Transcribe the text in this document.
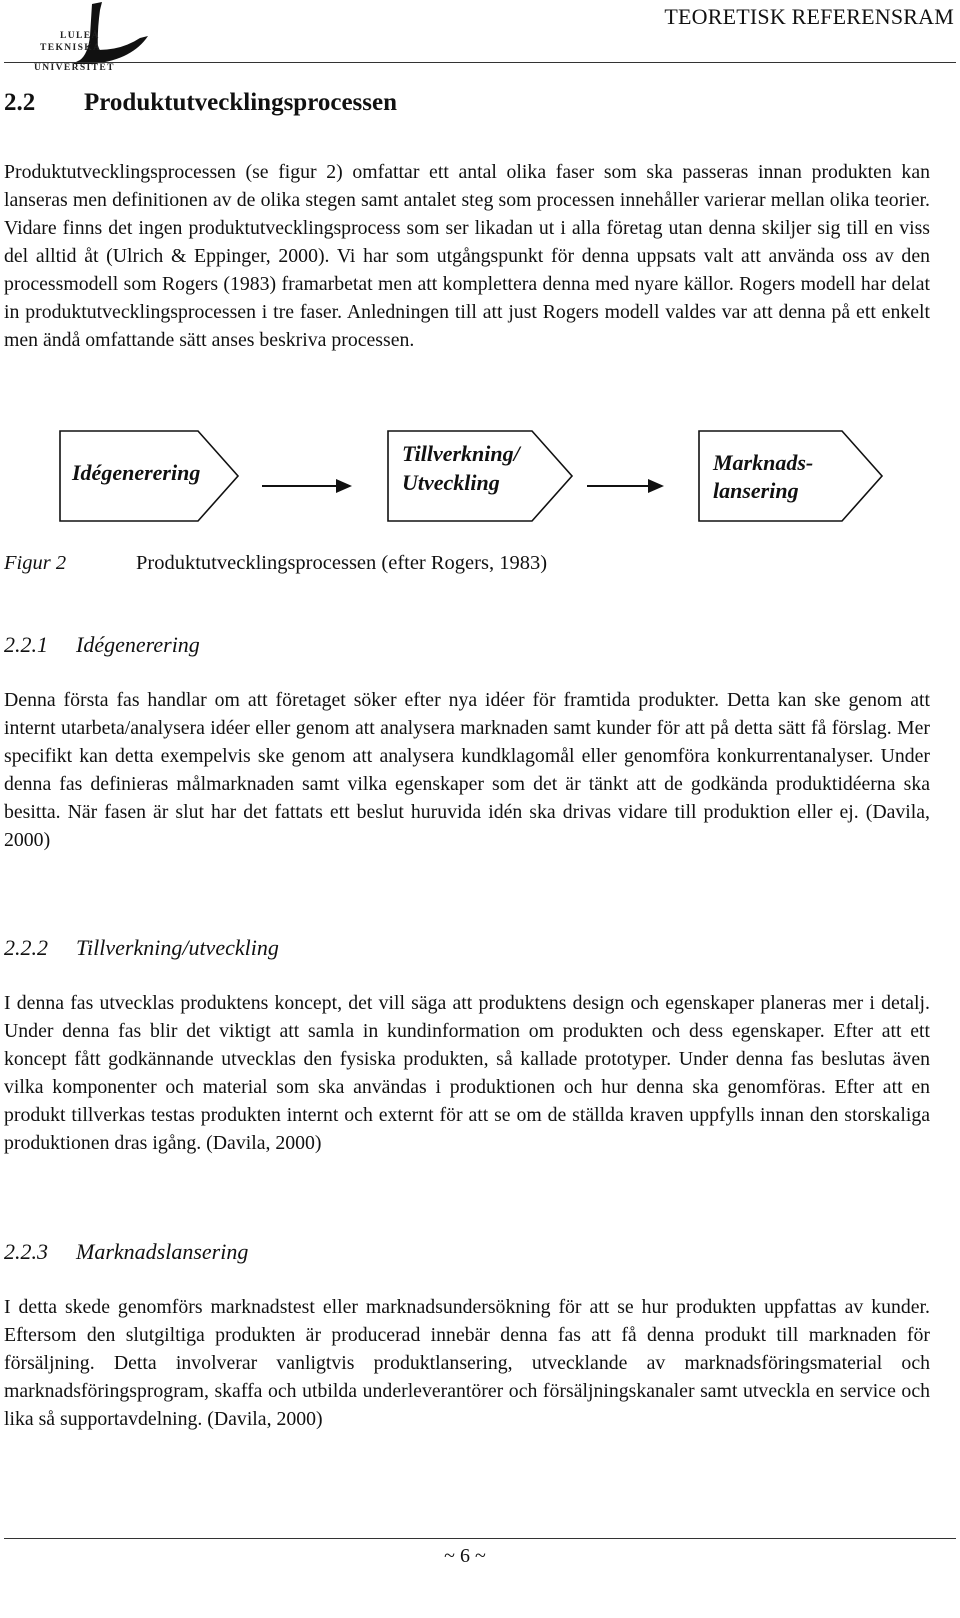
LULEÅ
TEKNISKA
UNIVERSITET
TEORETISK REFERENSRAM
2.2 Produktutvecklingsprocessen

Produktutvecklingsprocessen (se figur 2) omfattar ett antal olika faser som ska passeras innan produkten kan lanseras men definitionen av de olika stegen samt antalet steg som processen innehåller varierar mellan olika teorier. Vidare finns det ingen produktutvecklingsprocess som ser likadan ut i alla företag utan denna skiljer sig till en viss del alltid åt (Ulrich & Eppinger, 2000). Vi har som utgångspunkt för denna uppsats valt att använda oss av den processmodell som Rogers (1983) framarbetat men att komplettera denna med nyare källor. Rogers modell har delat in produktutvecklingsprocessen i tre faser. Anledningen till att just Rogers modell valdes var att denna på ett enkelt men ändå omfattande sätt anses beskriva processen.

Idégenerering
Tillverkning/
Utveckling
Marknads-
lansering
Figur 2	Produktutvecklingsprocessen (efter Rogers, 1983)
2.2.1 Idégenerering

Denna första fas handlar om att företaget söker efter nya idéer för framtida produkter. Detta kan ske genom att internt utarbeta/analysera idéer eller genom att analysera marknaden samt kunder för att på detta sätt få förslag. Mer specifikt kan detta exempelvis ske genom att analysera kundklagomål eller genomföra konkurrentanalyser. Under denna fas definieras målmarknaden samt vilka egenskaper som det är tänkt att de godkända produktidéerna ska besitta. När fasen är slut har det fattats ett beslut huruvida idén ska drivas vidare till produktion eller ej. (Davila, 2000)

2.2.2 Tillverkning/utveckling

I denna fas utvecklas produktens koncept, det vill säga att produktens design och egenskaper planeras mer i detalj. Under denna fas blir det viktigt att samla in kundinformation om produkten och dess egenskaper. Efter att ett koncept fått godkännande utvecklas den fysiska produkten, så kallade prototyper. Under denna fas beslutas även vilka komponenter och material som ska användas i produktionen och hur denna ska genomföras. Efter att en produkt tillverkas testas produkten internt och externt för att se om de ställda kraven uppfylls innan den storskaliga produktionen dras igång. (Davila, 2000)

2.2.3 Marknadslansering

I detta skede genomförs marknadstest eller marknadsundersökning för att se hur produkten uppfattas av kunder. Eftersom den slutgiltiga produkten är producerad innebär denna fas att få denna produkt till marknaden för försäljning. Detta involverar vanligtvis produktlansering, utvecklande av marknadsföringsmaterial och marknadsföringsprogram, skaffa och utbilda underleverantörer och försäljningskanaler samt utveckla en service och lika så supportavdelning. (Davila, 2000)

~ 6 ~
